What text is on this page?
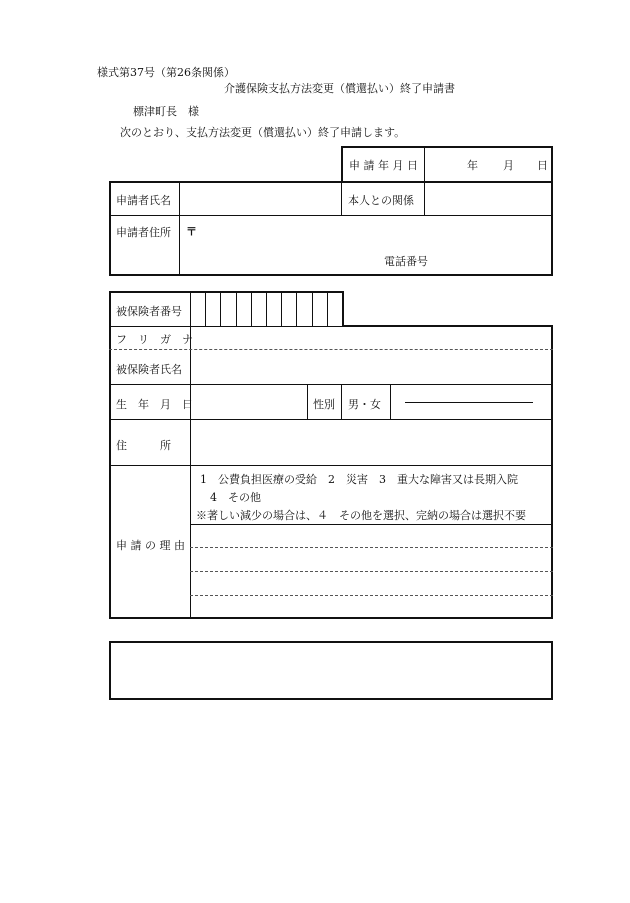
様式第37号（第26条関係）
介護保険支払方法変更（償還払い）終了申請書
標津町長　様
次のとおり、支払方法変更（償還払い）終了申請します。
申 請 年 月 日	年 月 日
申請者氏名	本人との関係
申請者住所 〒
電話番号
被保険者番号
フ　リ　ガ　ナ
被保険者氏名
生　年　月　日	性別 男・女
住　　　所
申 請 の 理 由
1　公費負担医療の受給　2　災害　3　重大な障害又は長期入院
4　その他
※著しい減少の場合は、４　その他を選択、完納の場合は選択不要
